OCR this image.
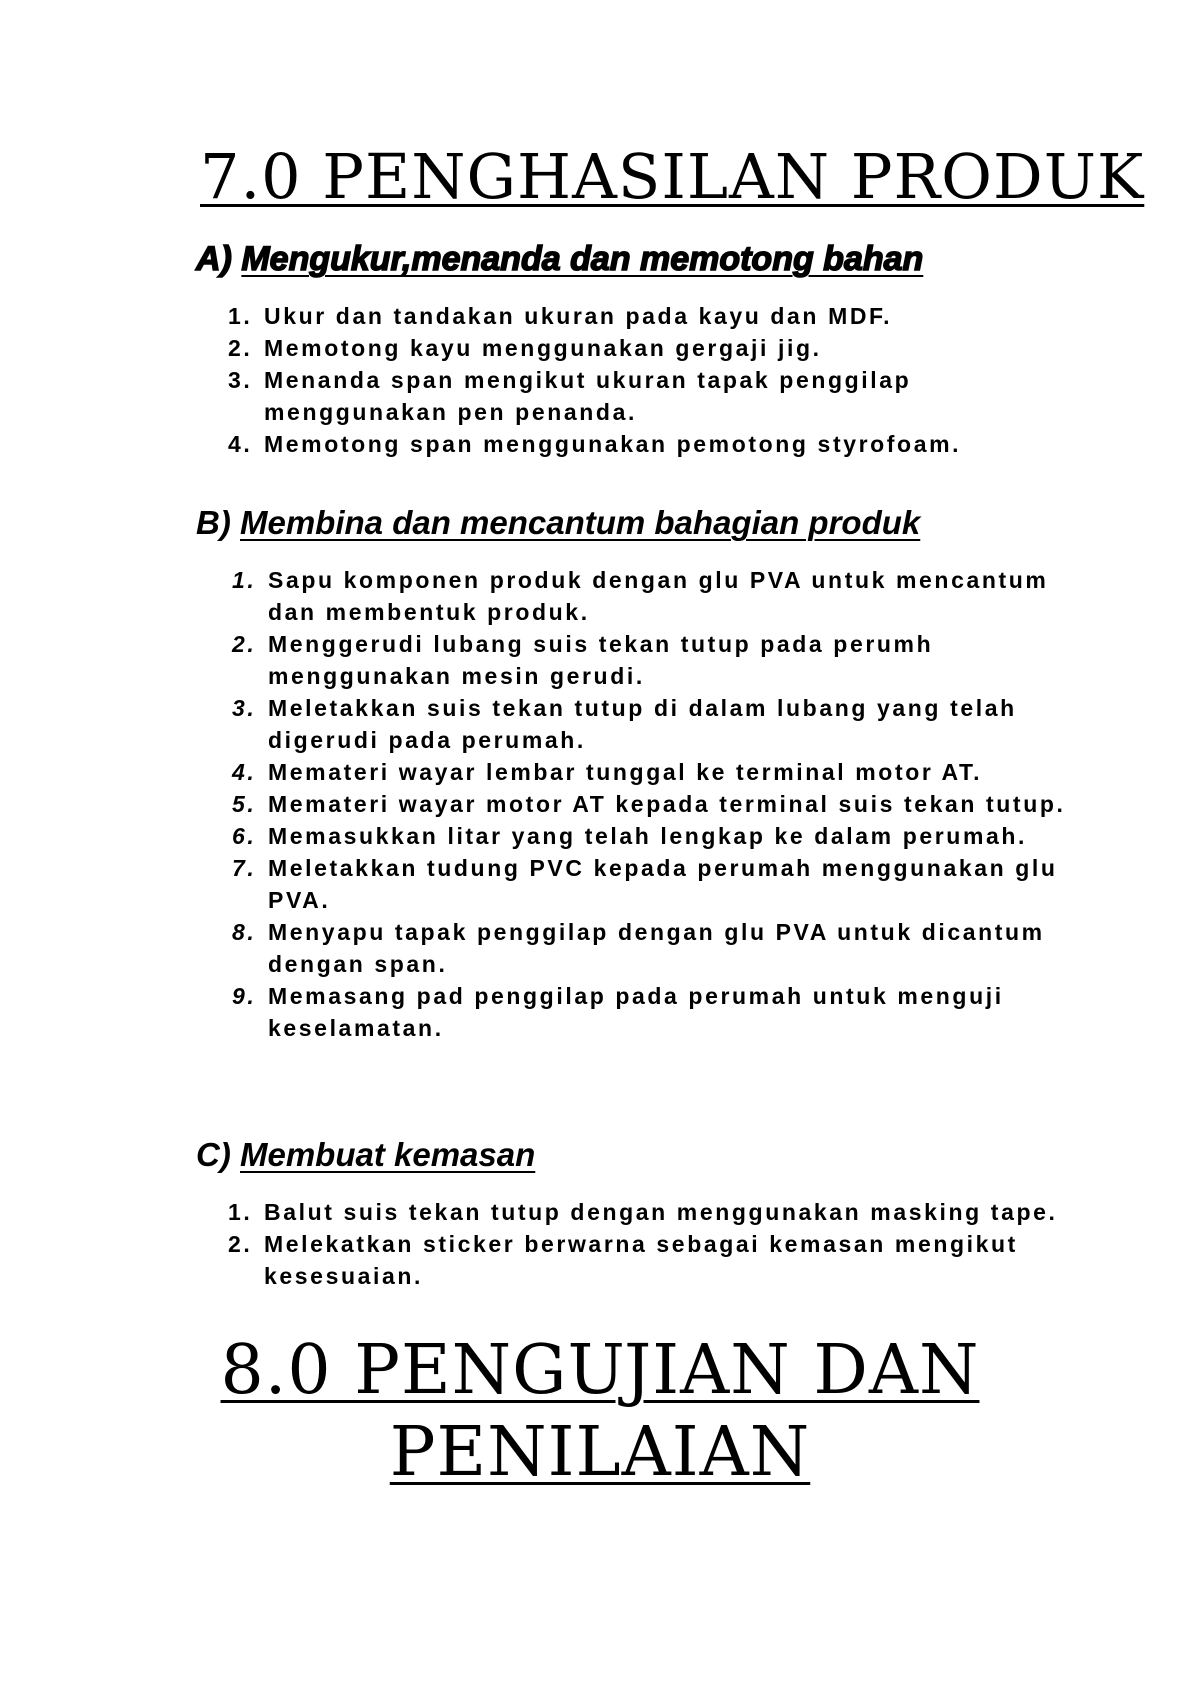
7.0 PENGHASILAN PRODUK
A) Mengukur,menanda dan memotong bahan
1. Ukur dan tandakan ukuran pada kayu dan MDF.
2. Memotong kayu menggunakan gergaji jig.
3. Menanda span mengikut ukuran tapak penggilap menggunakan pen penanda.
4. Memotong span menggunakan pemotong styrofoam.
B) Membina dan mencantum bahagian produk
1. Sapu komponen produk dengan glu PVA untuk mencantum dan membentuk produk.
2. Menggerudi lubang suis tekan tutup pada perumh menggunakan mesin gerudi.
3. Meletakkan suis tekan tutup di dalam lubang yang telah digerudi pada perumah.
4. Memateri wayar lembar tunggal ke terminal motor AT.
5. Memateri wayar motor AT kepada terminal suis tekan tutup.
6. Memasukkan litar yang telah lengkap ke dalam perumah.
7. Meletakkan tudung PVC kepada perumah menggunakan glu PVA.
8. Menyapu tapak penggilap dengan glu PVA untuk dicantum dengan span.
9. Memasang pad penggilap pada perumah untuk menguji keselamatan.
C) Membuat kemasan
1. Balut suis tekan tutup dengan menggunakan masking tape.
2. Melekatkan sticker berwarna sebagai kemasan mengikut kesesuaian.
8.0 PENGUJIAN DAN
PENILAIAN
